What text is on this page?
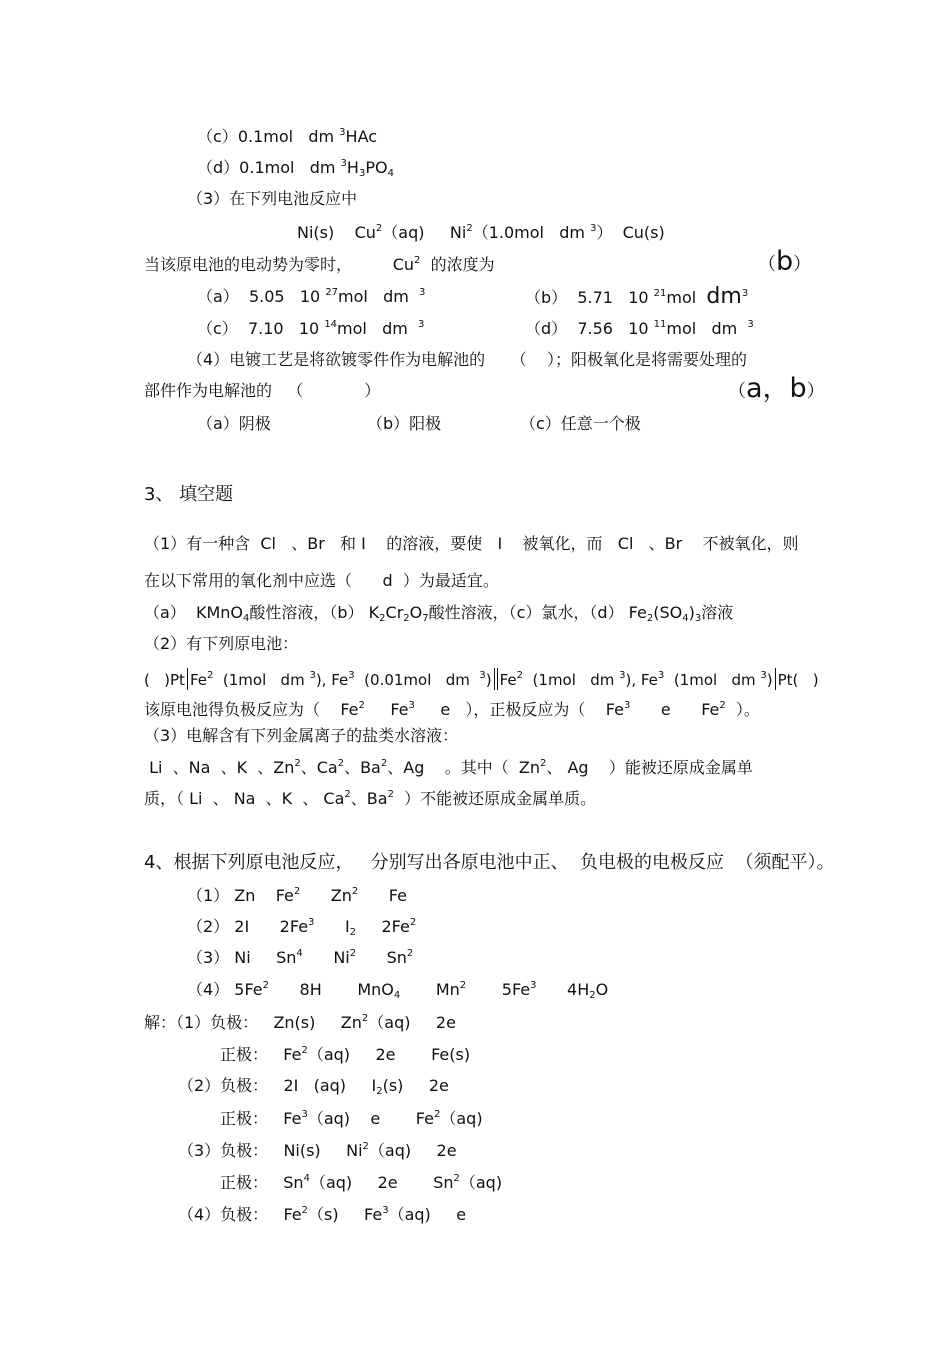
（c）0.1mol   dm $^3$HAc
（d）0.1mol   dm $^3H_3PO_4$
（3）在下列电池反应中
Ni(s)    Cu$^2$（aq)     Ni$^2$（1.0mol   dm $^3$）  Cu(s)
当该原电池的电动势为零时，	Cu$^2$  的浓度为	（b）
（a）  5.05   10 $^{27}$mol   dm  $^3$	（b）  5.71   10 $^{21}$mol  $dm^3$
（c）  7.10   10 $^{14}$mol   dm  $^3$	（d）  7.56   10 $^{11}$mol   dm  $^3$
（4）电镀工艺是将欲镀零件作为电解池的     （    ）；阳极氧化是将需要处理的
部件作为电解池的   （            ）	（a，b）
（a）阴极	（b）阳极	（c）任意一个极
3、 填空题
（1）有一种含  Cl   、Br   和 I    的溶液，要使   I    被氧化，而   Cl   、Br    不被氧化，则
在以下常用的氧化剂中应选（      d  ）为最适宜。
（a）  KMnO$_4$酸性溶液，（b） $K_2Cr_2O_7$酸性溶液，（c）氯水，（d） $Fe_2(SO_4)_3$溶液
（2）有下列原电池：
(   )Pt Fe$^2$  (1mol   dm $^3$), Fe$^3$  (0.01mol   dm  $^3$) Fe$^2$  (1mol   dm $^3$), Fe$^3$  (1mol   dm $^3$) Pt(   )
该原电池得负极反应为（    Fe$^2$     Fe$^3$     e   ），正极反应为（    Fe$^3$      e      Fe$^2$  ）。
（3）电解含有下列金属离子的盐类水溶液：
Li  、Na  、K  、Zn$^2$、Ca$^2$、Ba$^2$、Ag    。其中（  Zn$^2$、 Ag    ）能被还原成金属单
质，（ Li  、 Na  、K  、 Ca$^2$、Ba$^2$  ）不能被还原成金属单质。
4、根据下列原电池反应，   分别写出各原电池中正、  负电极的电极反应  （须配平）。
（1） Zn    Fe$^2$      Zn$^2$      Fe
（2） 2I      2Fe$^3$      $I_2$     2Fe$^2$
（3） Ni     Sn$^4$      Ni$^2$      Sn$^2$
（4） 5Fe$^2$      8H       MnO$_4$       Mn$^2$       5Fe$^3$      $4H_2O$
解：（1）负极：   Zn(s)     Zn$^2$（aq)     2e
正极：   Fe$^2$（aq)     2e       Fe(s)
（2）负极：   2I   (aq)     $I_2(s)$     2e
正极：   Fe$^3$（aq)    e       Fe$^2$（aq)
（3）负极：   Ni(s)     Ni$^2$（aq)     2e
正极：   Sn$^4$（aq)     2e       Sn$^2$（aq)
（4）负极：   Fe$^2$（s)     Fe$^3$（aq)     e
